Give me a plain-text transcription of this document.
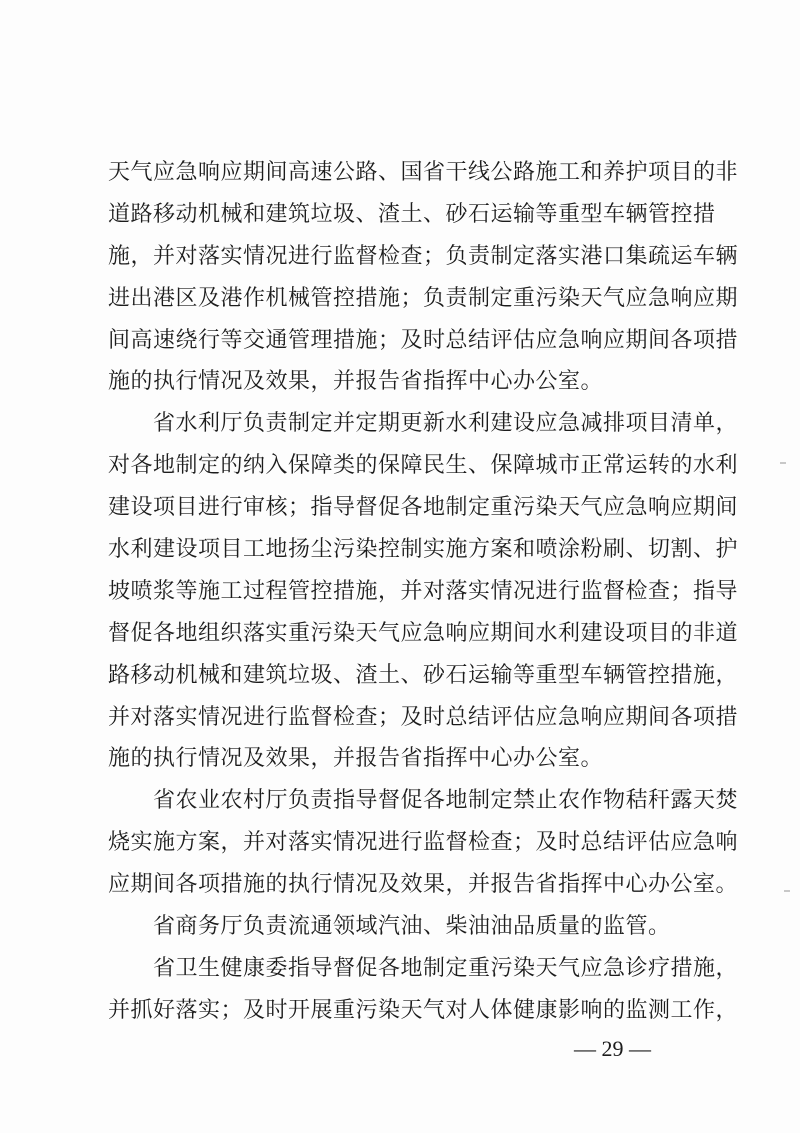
天气应急响应期间高速公路、国省干线公路施工和养护项目的非
道路移动机械和建筑垃圾、渣土、砂石运输等重型车辆管控措
施，并对落实情况进行监督检查；负责制定落实港口集疏运车辆
进出港区及港作机械管控措施；负责制定重污染天气应急响应期
间高速绕行等交通管理措施；及时总结评估应急响应期间各项措
施的执行情况及效果，并报告省指挥中心办公室。
省水利厅负责制定并定期更新水利建设应急减排项目清单，
对各地制定的纳入保障类的保障民生、保障城市正常运转的水利
建设项目进行审核；指导督促各地制定重污染天气应急响应期间
水利建设项目工地扬尘污染控制实施方案和喷涂粉刷、切割、护
坡喷浆等施工过程管控措施，并对落实情况进行监督检查；指导
督促各地组织落实重污染天气应急响应期间水利建设项目的非道
路移动机械和建筑垃圾、渣土、砂石运输等重型车辆管控措施，
并对落实情况进行监督检查；及时总结评估应急响应期间各项措
施的执行情况及效果，并报告省指挥中心办公室。
省农业农村厅负责指导督促各地制定禁止农作物秸秆露天焚
烧实施方案，并对落实情况进行监督检查；及时总结评估应急响
应期间各项措施的执行情况及效果，并报告省指挥中心办公室。
省商务厅负责流通领域汽油、柴油油品质量的监管。
省卫生健康委指导督促各地制定重污染天气应急诊疗措施，
并抓好落实；及时开展重污染天气对人体健康影响的监测工作，
— 29 —
